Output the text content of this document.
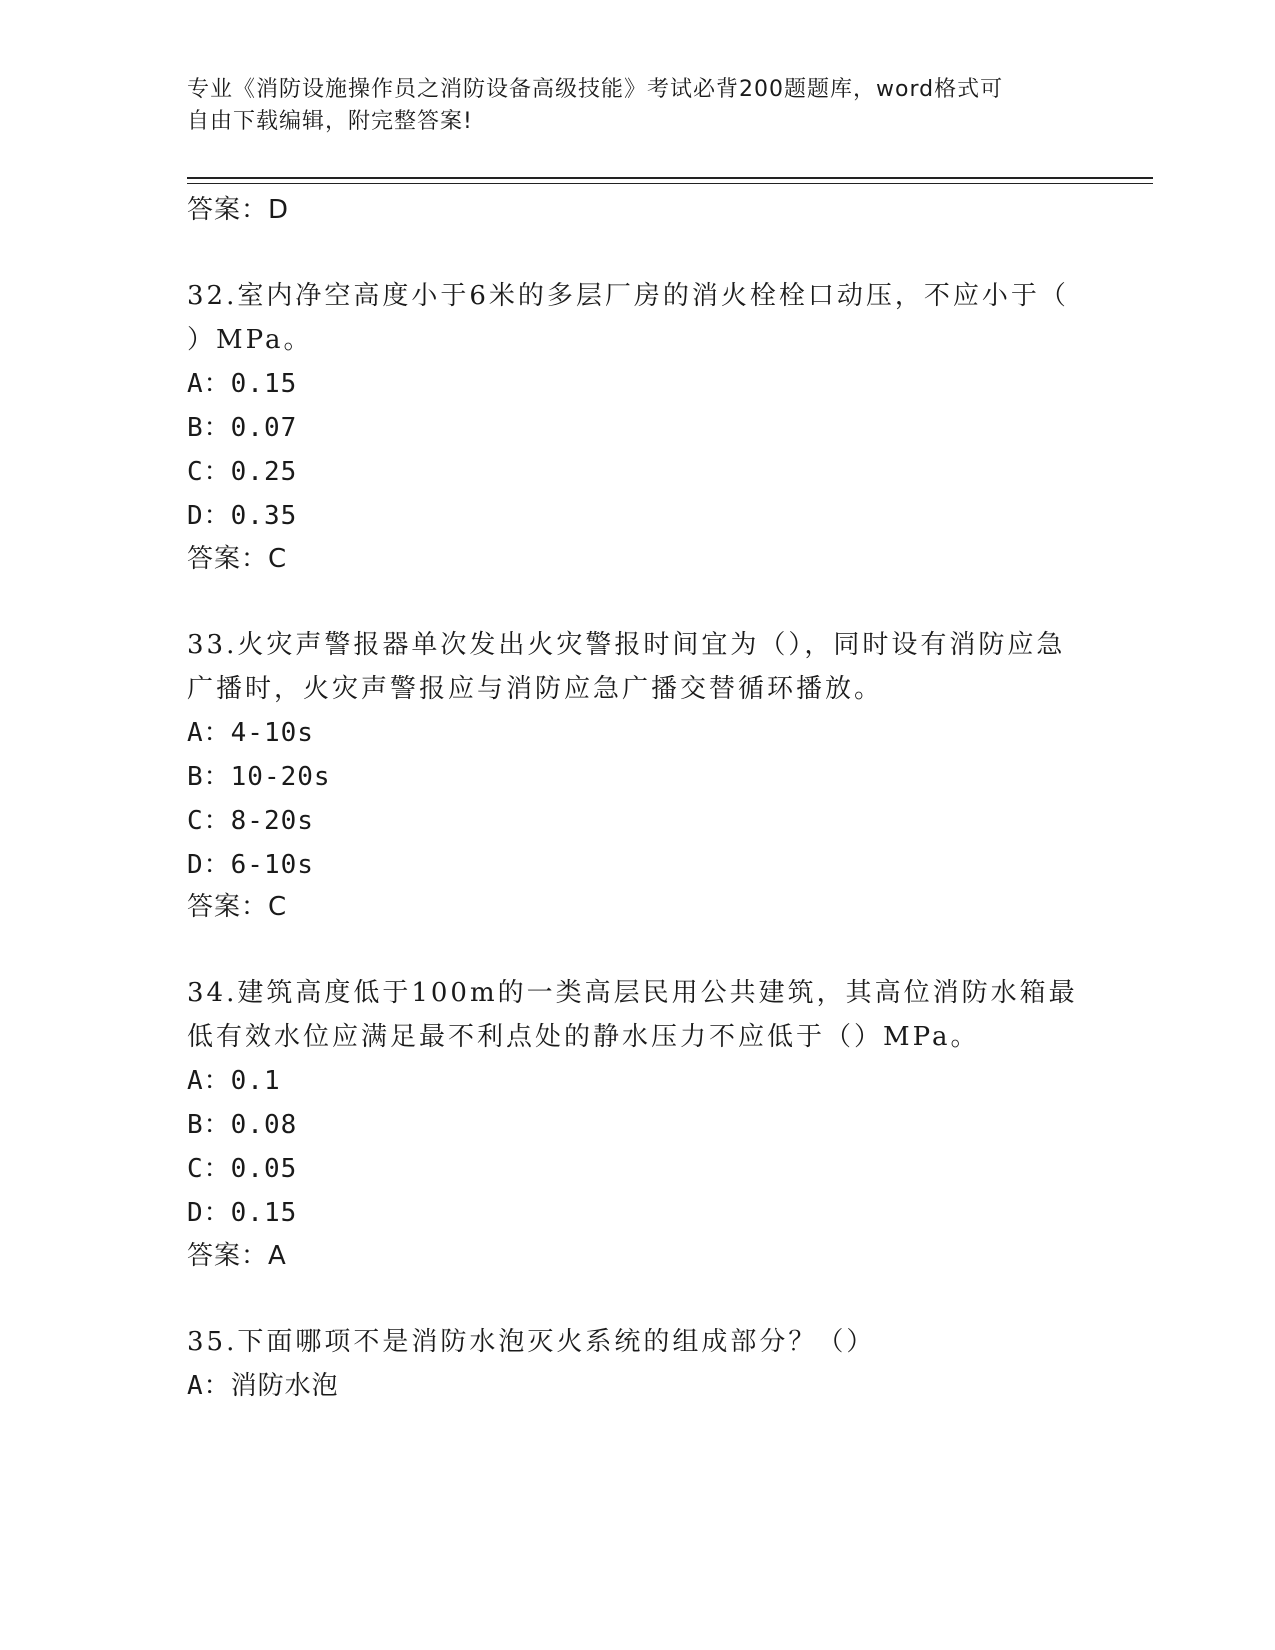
专业《消防设施操作员之消防设备高级技能》考试必背200题题库，word格式可
自由下载编辑，附完整答案!
答案：D
32.室内净空高度小于6米的多层厂房的消火栓栓口动压，不应小于（
）MPa。
A：0.15
B：0.07
C：0.25
D：0.35
答案：C
33.火灾声警报器单次发出火灾警报时间宜为（），同时设有消防应急
广播时，火灾声警报应与消防应急广播交替循环播放。
A：4-10s
B：10-20s
C：8-20s
D：6-10s
答案：C
34.建筑高度低于100m的一类高层民用公共建筑，其高位消防水箱最
低有效水位应满足最不利点处的静水压力不应低于（）MPa。
A：0.1
B：0.08
C：0.05
D：0.15
答案：A
35.下面哪项不是消防水泡灭火系统的组成部分？（）
A：消防水泡
